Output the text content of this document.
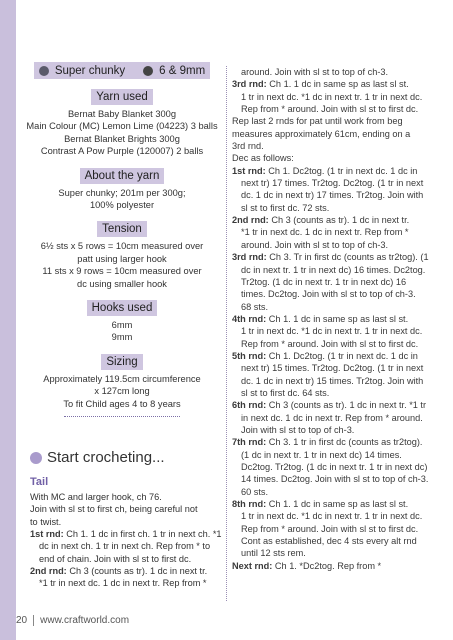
Super chunky	6 & 9mm
Yarn used

Bernat Baby Blanket 300g

Main Colour (MC) Lemon Lime (04223) 3 balls

Bernat Blanket Brights 300g

Contrast A Pow Purple (120007) 2 balls

About the yarn

Super chunky; 201m per 300g;

100% polyester

Tension

6½ sts x 5 rows = 10cm measured over

patt using larger hook

11 sts x 9 rows = 10cm measured over

dc using smaller hook

Hooks used

6mm

9mm

Sizing

Approximately 119.5cm circumference

x 127cm long

To fit Child ages 4 to 8 years

Start crocheting...
Tail

With MC and larger hook, ch 76.

Join with sl st to first ch, being careful not

to twist.

1st rnd: Ch 1. 1 dc in first ch. 1 tr in next ch. *1

dc in next ch. 1 tr in next ch. Rep from * to

end of chain. Join with sl st to first dc.

2nd rnd: Ch 3 (counts as tr). 1 dc in next tr.

*1 tr in next dc. 1 dc in next tr. Rep from *

around. Join with sl st to top of ch-3.

3rd rnd: Ch 1. 1 dc in same sp as last sl st.

1 tr in next dc. *1 dc in next tr. 1 tr in next dc.

Rep from * around. Join with sl st to first dc.

Rep last 2 rnds for pat until work from beg

measures approximately 61cm, ending on a

3rd rnd.

Dec as follows:

1st rnd: Ch 1. Dc2tog. (1 tr in next dc. 1 dc in

next tr) 17 times. Tr2tog. Dc2tog. (1 tr in next

dc. 1 dc in next tr) 17 times. Tr2tog. Join with

sl st to first dc. 72 sts.

2nd rnd: Ch 3 (counts as tr). 1 dc in next tr.

*1 tr in next dc. 1 dc in next tr. Rep from *

around. Join with sl st to top of ch-3.

3rd rnd: Ch 3. Tr in first dc (counts as tr2tog). (1

dc in next tr. 1 tr in next dc) 16 times. Dc2tog.

Tr2tog. (1 dc in next tr. 1 tr in next dc) 16

times. Dc2tog. Join with sl st to top of ch-3.

68 sts.

4th rnd: Ch 1. 1 dc in same sp as last sl st.

1 tr in next dc. *1 dc in next tr. 1 tr in next dc.

Rep from * around. Join with sl st to first dc.

5th rnd: Ch 1. Dc2tog. (1 tr in next dc. 1 dc in

next tr) 15 times. Tr2tog. Dc2tog. (1 tr in next

dc. 1 dc in next tr) 15 times. Tr2tog. Join with

sl st to first dc. 64 sts.

6th rnd: Ch 3 (counts as tr). 1 dc in next tr. *1 tr

in next dc. 1 dc in next tr. Rep from * around.

Join with sl st to top of ch-3.

7th rnd: Ch 3. 1 tr in first dc (counts as tr2tog).

(1 dc in next tr. 1 tr in next dc) 14 times.

Dc2tog. Tr2tog. (1 dc in next tr. 1 tr in next dc)

14 times. Dc2tog. Join with sl st to top of ch-3.

60 sts.

8th rnd: Ch 1. 1 dc in same sp as last sl st.

1 tr in next dc. *1 dc in next tr. 1 tr in next dc.

Rep from * around. Join with sl st to first dc.

Cont as established, dec 4 sts every alt rnd

until 12 sts rem.

Next rnd: Ch 1. *Dc2tog. Rep from *

20 www.craftworld.com
